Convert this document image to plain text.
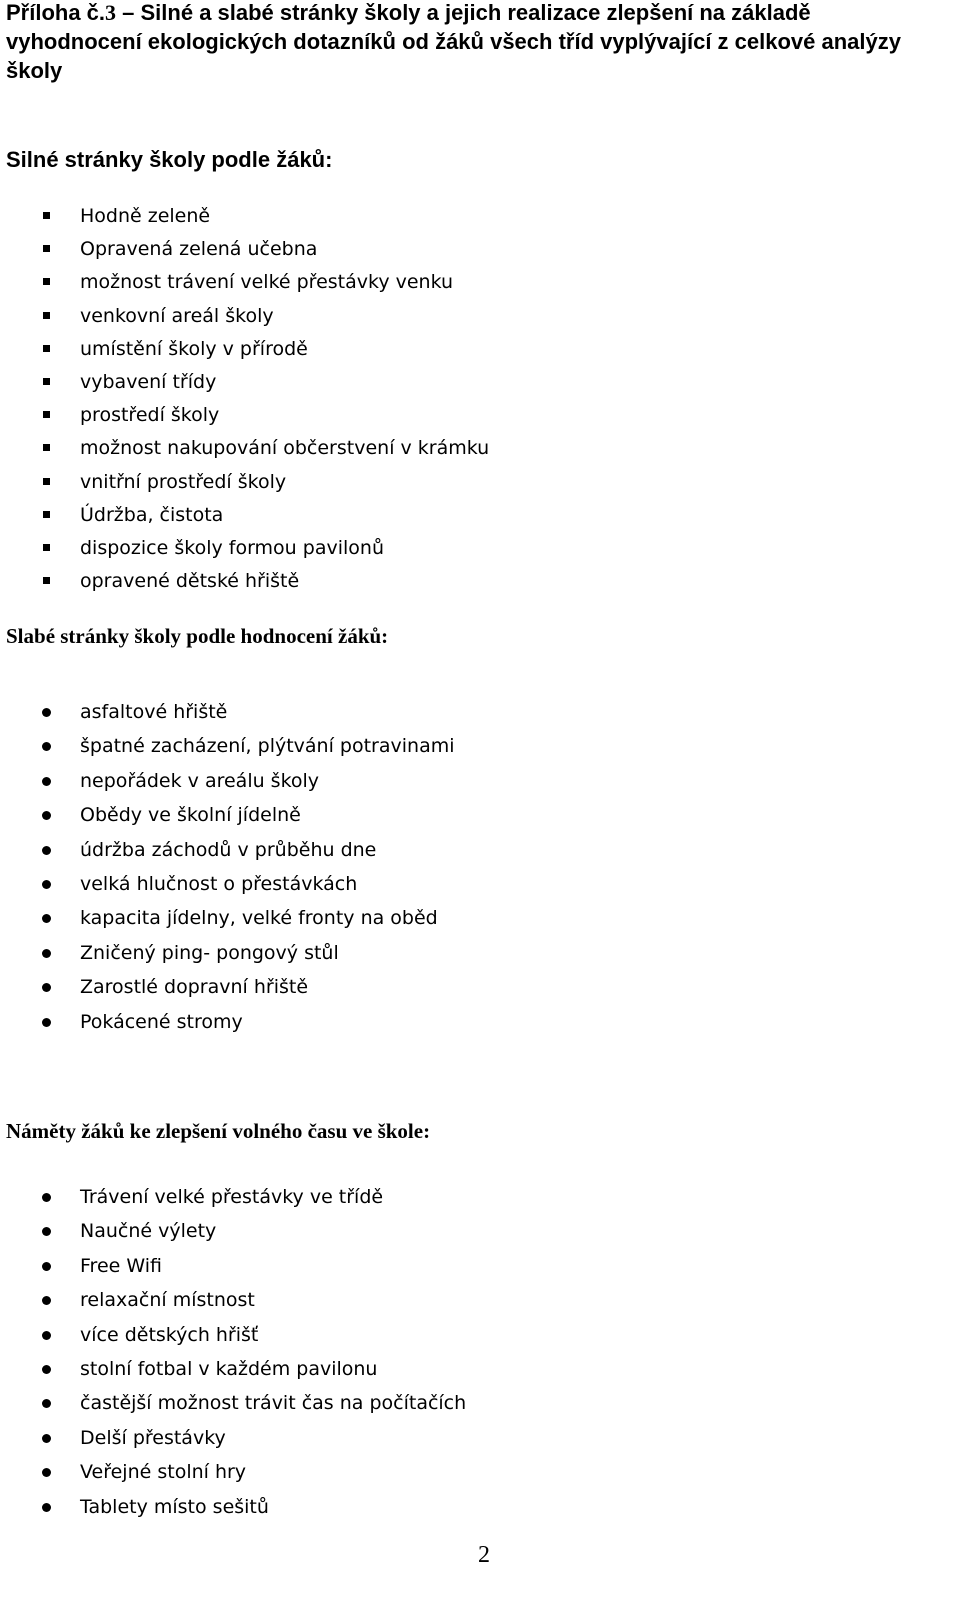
Příloha č.3 – Silné a slabé stránky školy a jejich realizace zlepšení na základě vyhodnocení ekologických dotazníků od žáků všech tříd vyplývající z celkové analýzy školy
Silné stránky školy podle žáků:
Hodně zeleně
Opravená zelená učebna
možnost trávení velké přestávky venku
venkovní areál školy
umístění školy v přírodě
vybavení třídy
prostředí školy
možnost nakupování občerstvení v krámku
vnitřní prostředí školy
Údržba, čistota
dispozice školy formou pavilonů
opravené dětské hřiště
Slabé stránky školy podle hodnocení žáků:
asfaltové hřiště
špatné zacházení, plýtvání potravinami
nepořádek v areálu školy
Obědy ve školní jídelně
údržba záchodů v průběhu dne
velká hlučnost o přestávkách
kapacita jídelny, velké fronty na oběd
Zničený ping- pongový stůl
Zarostlé dopravní hřiště
Pokácené stromy
Náměty žáků ke zlepšení volného času ve škole:
Trávení velké přestávky ve třídě
Naučné výlety
Free Wifi
relaxační místnost
více dětských hřišť
stolní fotbal v každém pavilonu
častější možnost trávit čas na počítačích
Delší přestávky
Veřejné stolní hry
Tablety místo sešitů
2
